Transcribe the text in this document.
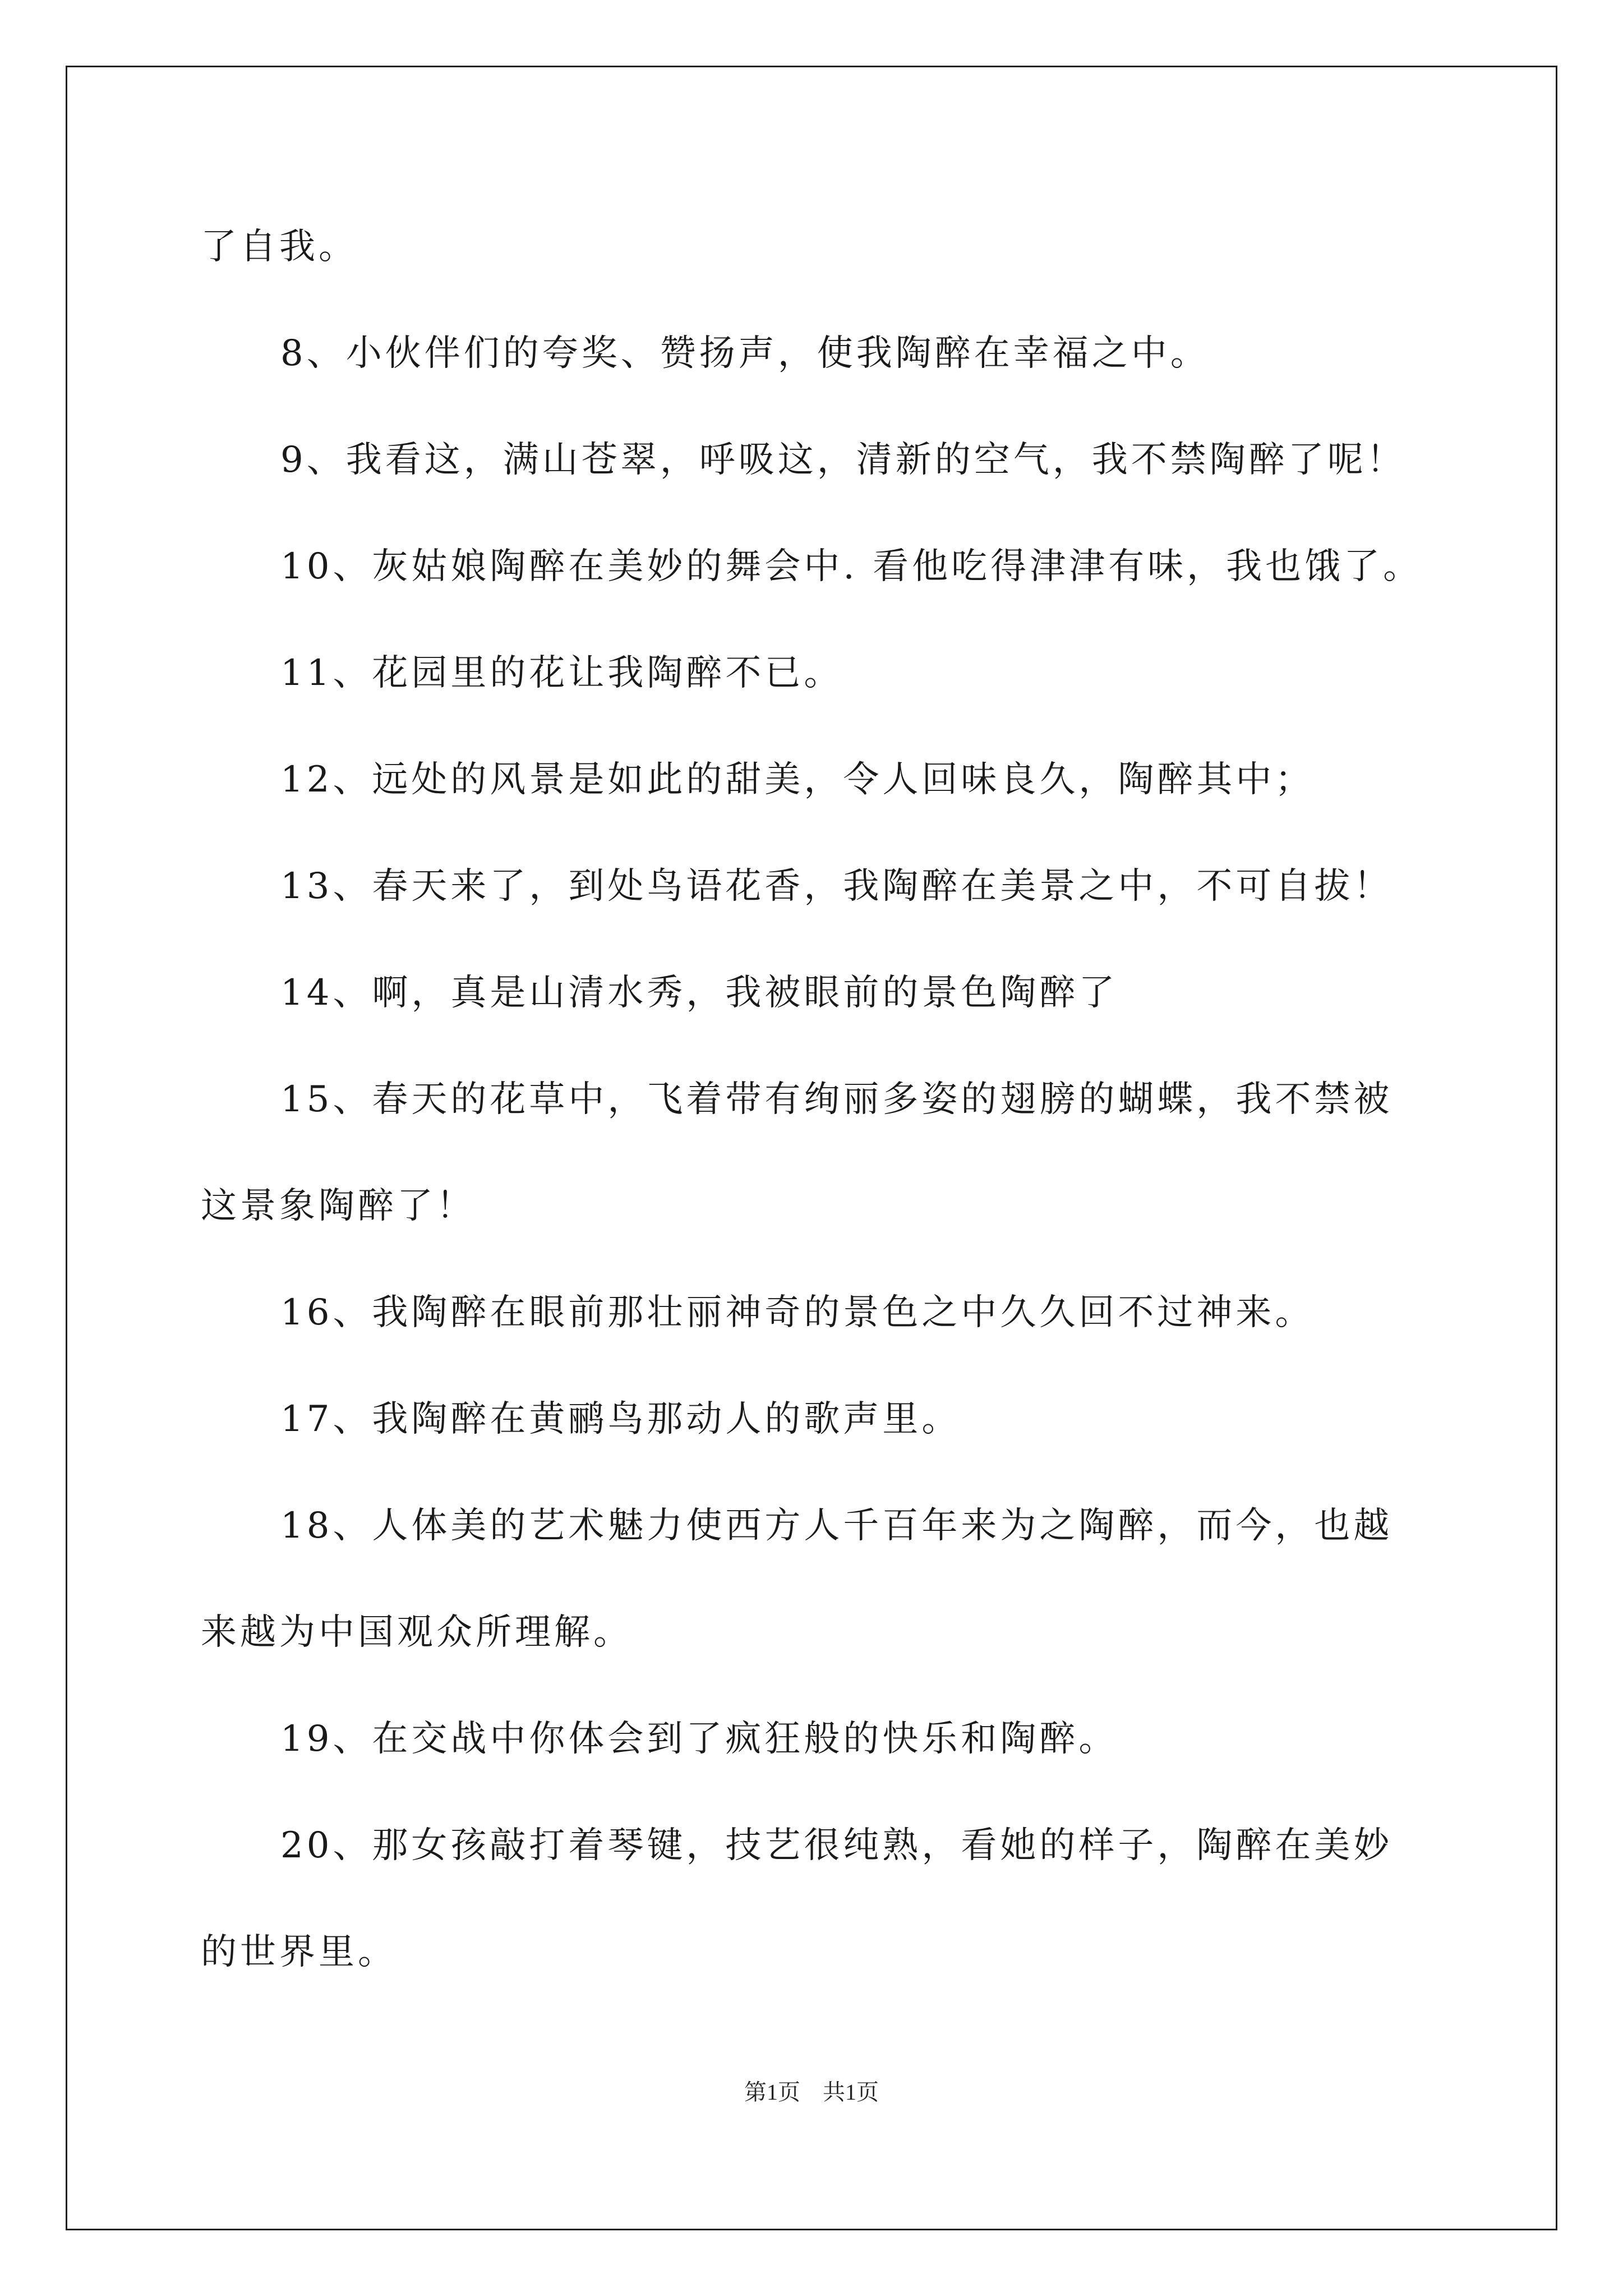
了自我。
8、小伙伴们的夸奖、赞扬声，使我陶醉在幸福之中。
9、我看这，满山苍翠，呼吸这，清新的空气，我不禁陶醉了呢！
10、灰姑娘陶醉在美妙的舞会中. 看他吃得津津有味，我也饿了。
11、花园里的花让我陶醉不已。
12、远处的风景是如此的甜美，令人回味良久，陶醉其中；
13、春天来了，到处鸟语花香，我陶醉在美景之中，不可自拔！
14、啊，真是山清水秀，我被眼前的景色陶醉了
15、春天的花草中，飞着带有绚丽多姿的翅膀的蝴蝶，我不禁被
这景象陶醉了！
16、我陶醉在眼前那壮丽神奇的景色之中久久回不过神来。
17、我陶醉在黄鹂鸟那动人的歌声里。
18、人体美的艺术魅力使西方人千百年来为之陶醉，而今，也越
来越为中国观众所理解。
19、在交战中你体会到了疯狂般的快乐和陶醉。
20、那女孩敲打着琴键，技艺很纯熟，看她的样子，陶醉在美妙
的世界里。
第1页　共1页
